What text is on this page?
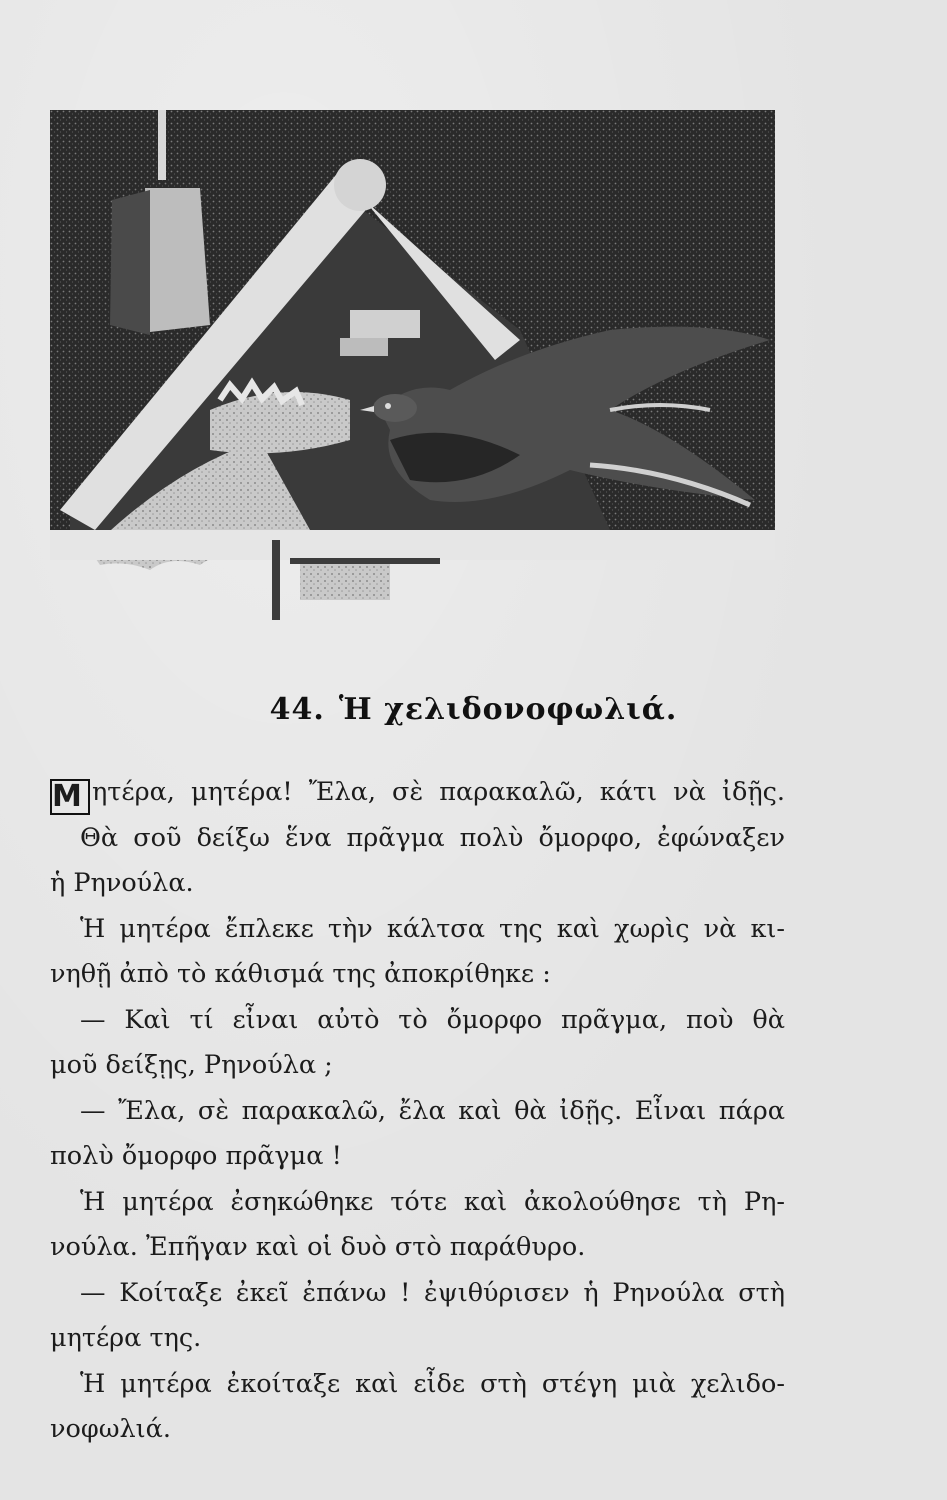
44. Ἡ χελιδονοφωλιά.
Μ ητέρα, μητέρα! Ἔλα, σὲ παρακαλῶ, κάτι νὰ ἰδῇς.
Θὰ σοῦ δείξω ἕνα πρᾶγμα πολὺ ὄμορφο, ἐφώναξεν
ἡ Ρηνούλα.
Ἡ μητέρα ἔπλεκε τὴν κάλτσα της καὶ χωρὶς νὰ κι-
νηθῇ ἀπὸ τὸ κάθισμά της ἀποκρίθηκε :
— Καὶ τί εἶναι αὐτὸ τὸ ὄμορφο πρᾶγμα, ποὺ θὰ
μοῦ δείξῃς, Ρηνούλα ;
— Ἔλα, σὲ παρακαλῶ, ἔλα καὶ θὰ ἰδῇς. Εἶναι πάρα
πολὺ ὄμορφο πρᾶγμα !
Ἡ μητέρα ἐσηκώθηκε τότε καὶ ἀκολούθησε τὴ Ρη-
νούλα. Ἐπῆγαν καὶ οἱ δυὸ στὸ παράθυρο.
— Κοίταξε ἐκεῖ ἐπάνω ! ἐψιθύρισεν ἡ Ρηνούλα στὴ
μητέρα της.
Ἡ μητέρα ἐκοίταξε καὶ εἶδε στὴ στέγη μιὰ χελιδο-
νοφωλιά.
